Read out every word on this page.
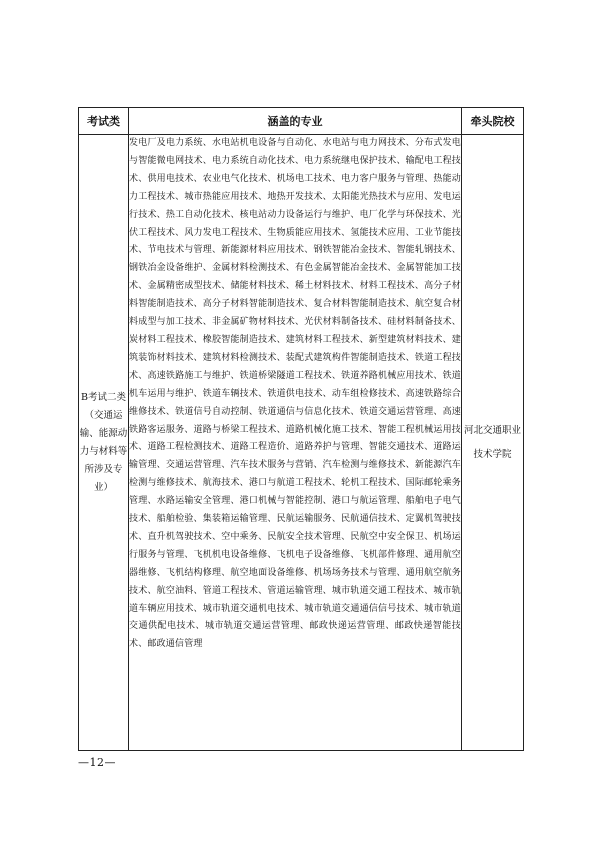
考试类	涵盖的专业	牵头院校
B考试二类（交通运输、能源动力与材料等所涉及专业）	发电厂及电力系统、水电站机电设备与自动化、水电站与电力网技术、分布式发电与智能微电网技术、电力系统自动化技术、电力系统继电保护技术、输配电工程技术、供用电技术、农业电气化技术、机场电工技术、电力客户服务与管理、热能动力工程技术、城市热能应用技术、地热开发技术、太阳能光热技术与应用、发电运行技术、热工自动化技术、核电站动力设备运行与维护、电厂化学与环保技术、光伏工程技术、风力发电工程技术、生物质能应用技术、氢能技术应用、工业节能技术、节电技术与管理、新能源材料应用技术、钢铁智能冶金技术、智能轧钢技术、钢铁冶金设备维护、金属材料检测技术、有色金属智能冶金技术、金属智能加工技术、金属精密成型技术、储能材料技术、稀土材料技术、材料工程技术、高分子材料智能制造技术、高分子材料智能制造技术、复合材料智能制造技术、航空复合材料成型与加工技术、非金属矿物材料技术、光伏材料制备技术、硅材料制备技术、炭材料工程技术、橡胶智能制造技术、建筑材料工程技术、新型建筑材料技术、建筑装饰材料技术、建筑材料检测技术、装配式建筑构件智能制造技术、铁道工程技术、高速铁路施工与维护、铁道桥梁隧道工程技术、铁道养路机械应用技术、铁道机车运用与维护、铁道车辆技术、铁道供电技术、动车组检修技术、高速铁路综合维修技术、铁道信号自动控制、铁道通信与信息化技术、铁道交通运营管理、高速铁路客运服务、道路与桥梁工程技术、道路机械化施工技术、智能工程机械运用技术、道路工程检测技术、道路工程造价、道路养护与管理、智能交通技术、道路运输管理、交通运营管理、汽车技术服务与营销、汽车检测与维修技术、新能源汽车检测与维修技术、航海技术、港口与航道工程技术、轮机工程技术、国际邮轮乘务管理、水路运输安全管理、港口机械与智能控制、港口与航运管理、船舶电子电气技术、船舶检验、集装箱运输管理、民航运输服务、民航通信技术、定翼机驾驶技术、直升机驾驶技术、空中乘务、民航安全技术管理、民航空中安全保卫、机场运行服务与管理、飞机机电设备维修、飞机电子设备维修、飞机部件修理、通用航空器维修、飞机结构修理、航空地面设备维修、机场场务技术与管理、通用航空航务技术、航空油料、管道工程技术、管道运输管理、城市轨道交通工程技术、城市轨道车辆应用技术、城市轨道交通机电技术、城市轨道交通通信信号技术、城市轨道交通供配电技术、城市轨道交通运营管理、邮政快递运营管理、邮政快递智能技术、邮政通信管理	河北交通职业技术学院
—12—
